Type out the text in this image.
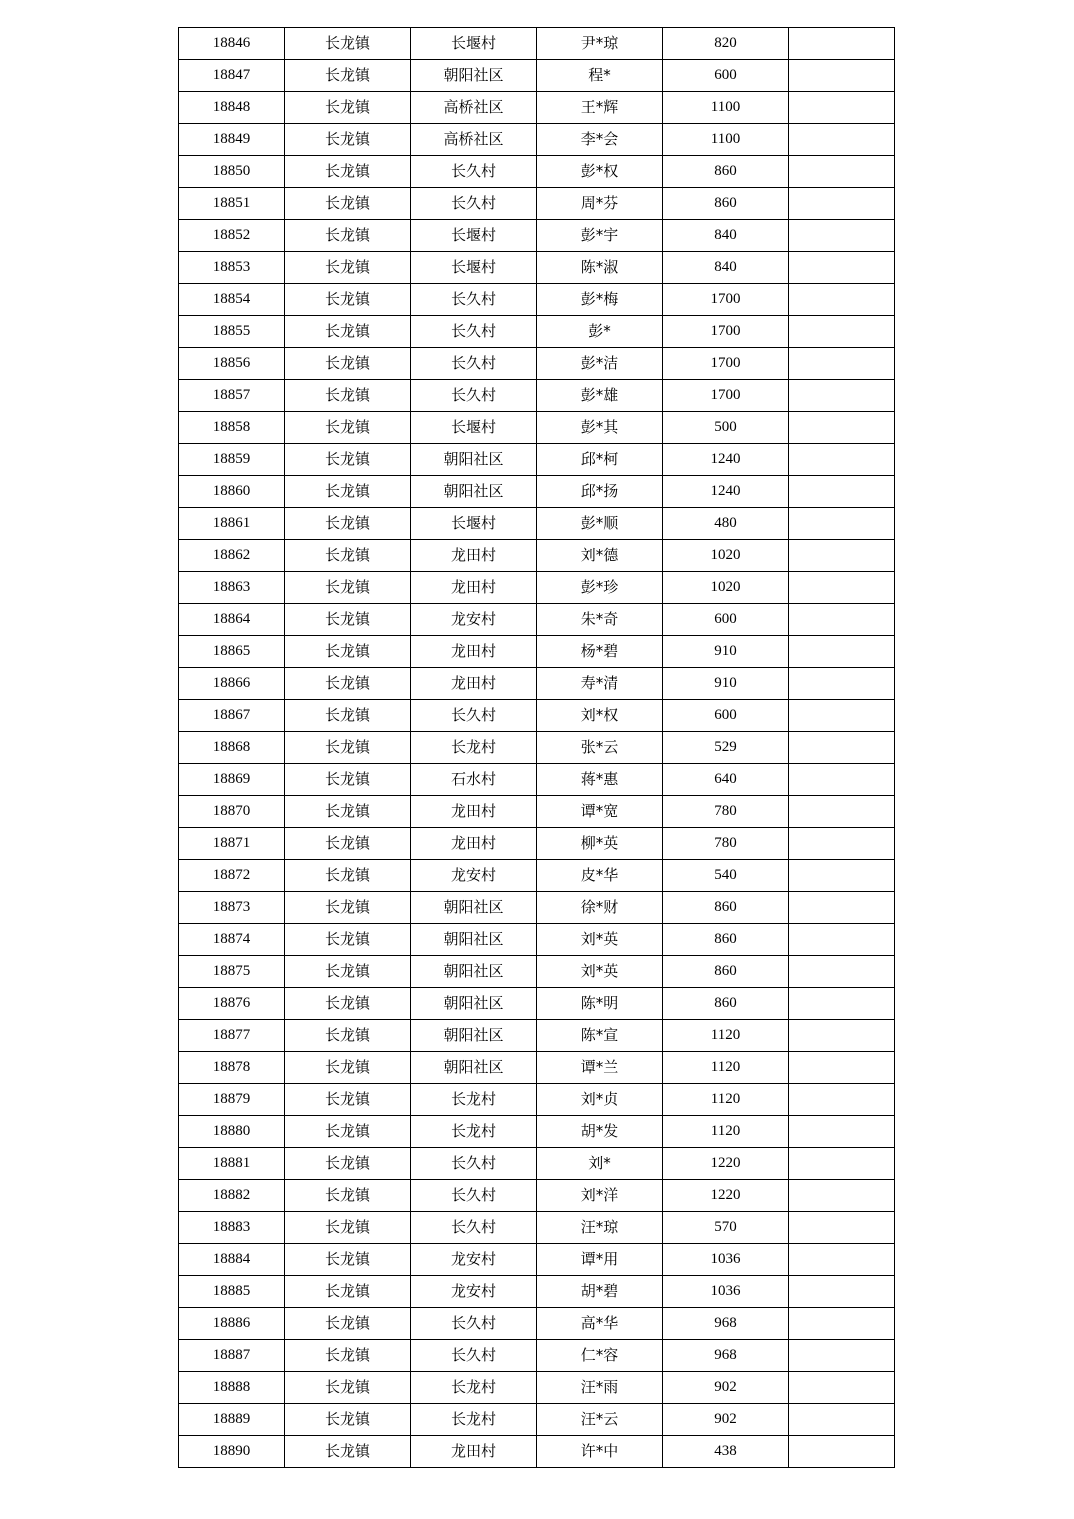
18846	长龙镇	长堰村	尹*琼	820	
18847	长龙镇	朝阳社区	程*	600	
18848	长龙镇	高桥社区	王*辉	1100	
18849	长龙镇	高桥社区	李*会	1100	
18850	长龙镇	长久村	彭*权	860	
18851	长龙镇	长久村	周*芬	860	
18852	长龙镇	长堰村	彭*宇	840	
18853	长龙镇	长堰村	陈*淑	840	
18854	长龙镇	长久村	彭*梅	1700	
18855	长龙镇	长久村	彭*	1700	
18856	长龙镇	长久村	彭*洁	1700	
18857	长龙镇	长久村	彭*雄	1700	
18858	长龙镇	长堰村	彭*其	500	
18859	长龙镇	朝阳社区	邱*柯	1240	
18860	长龙镇	朝阳社区	邱*扬	1240	
18861	长龙镇	长堰村	彭*顺	480	
18862	长龙镇	龙田村	刘*德	1020	
18863	长龙镇	龙田村	彭*珍	1020	
18864	长龙镇	龙安村	朱*奇	600	
18865	长龙镇	龙田村	杨*碧	910	
18866	长龙镇	龙田村	寿*清	910	
18867	长龙镇	长久村	刘*权	600	
18868	长龙镇	长龙村	张*云	529	
18869	长龙镇	石水村	蒋*惠	640	
18870	长龙镇	龙田村	谭*宽	780	
18871	长龙镇	龙田村	柳*英	780	
18872	长龙镇	龙安村	皮*华	540	
18873	长龙镇	朝阳社区	徐*财	860	
18874	长龙镇	朝阳社区	刘*英	860	
18875	长龙镇	朝阳社区	刘*英	860	
18876	长龙镇	朝阳社区	陈*明	860	
18877	长龙镇	朝阳社区	陈*宣	1120	
18878	长龙镇	朝阳社区	谭*兰	1120	
18879	长龙镇	长龙村	刘*贞	1120	
18880	长龙镇	长龙村	胡*发	1120	
18881	长龙镇	长久村	刘*	1220	
18882	长龙镇	长久村	刘*洋	1220	
18883	长龙镇	长久村	汪*琼	570	
18884	长龙镇	龙安村	谭*用	1036	
18885	长龙镇	龙安村	胡*碧	1036	
18886	长龙镇	长久村	高*华	968	
18887	长龙镇	长久村	仁*容	968	
18888	长龙镇	长龙村	汪*雨	902	
18889	长龙镇	长龙村	汪*云	902	
18890	长龙镇	龙田村	许*中	438	
